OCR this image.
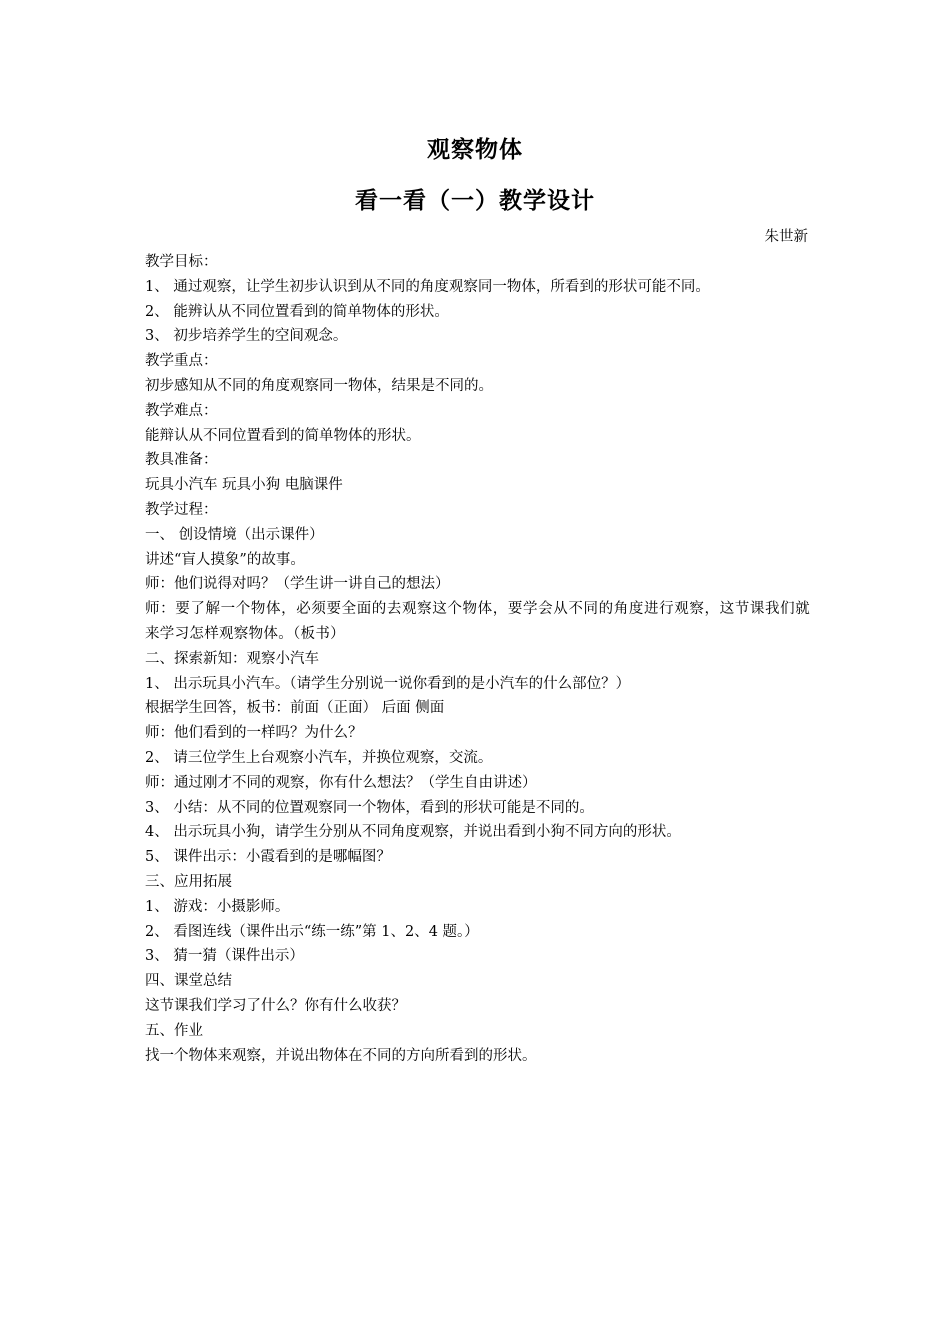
观察物体
看一看（一）教学设计
朱世新

教学目标：

1、 通过观察，让学生初步认识到从不同的角度观察同一物体，所看到的形状可能不同。

2、 能辨认从不同位置看到的简单物体的形状。

3、 初步培养学生的空间观念。

教学重点：

初步感知从不同的角度观察同一物体，结果是不同的。

教学难点：

能辩认从不同位置看到的简单物体的形状。

教具准备：

玩具小汽车 玩具小狗 电脑课件

教学过程：

一、 创设情境（出示课件）

讲述“盲人摸象”的故事。

师：他们说得对吗？（学生讲一讲自己的想法）

师：要了解一个物体，必须要全面的去观察这个物体，要学会从不同的角度进行观察，这节课我们就来学习怎样观察物体。（板书）

二、探索新知：观察小汽车

1、 出示玩具小汽车。（请学生分别说一说你看到的是小汽车的什么部位？）

根据学生回答，板书：前面（正面） 后面 侧面

师：他们看到的一样吗？为什么？

2、 请三位学生上台观察小汽车，并换位观察，交流。

师：通过刚才不同的观察，你有什么想法？（学生自由讲述）

3、 小结：从不同的位置观察同一个物体，看到的形状可能是不同的。

4、 出示玩具小狗，请学生分别从不同角度观察，并说出看到小狗不同方向的形状。

5、 课件出示：小霞看到的是哪幅图？

三、应用拓展

1、 游戏：小摄影师。

2、 看图连线（课件出示“练一练”第 1、2、4 题。）

3、 猜一猜（课件出示）

四、课堂总结

这节课我们学习了什么？你有什么收获？

五、作业

找一个物体来观察，并说出物体在不同的方向所看到的形状。
